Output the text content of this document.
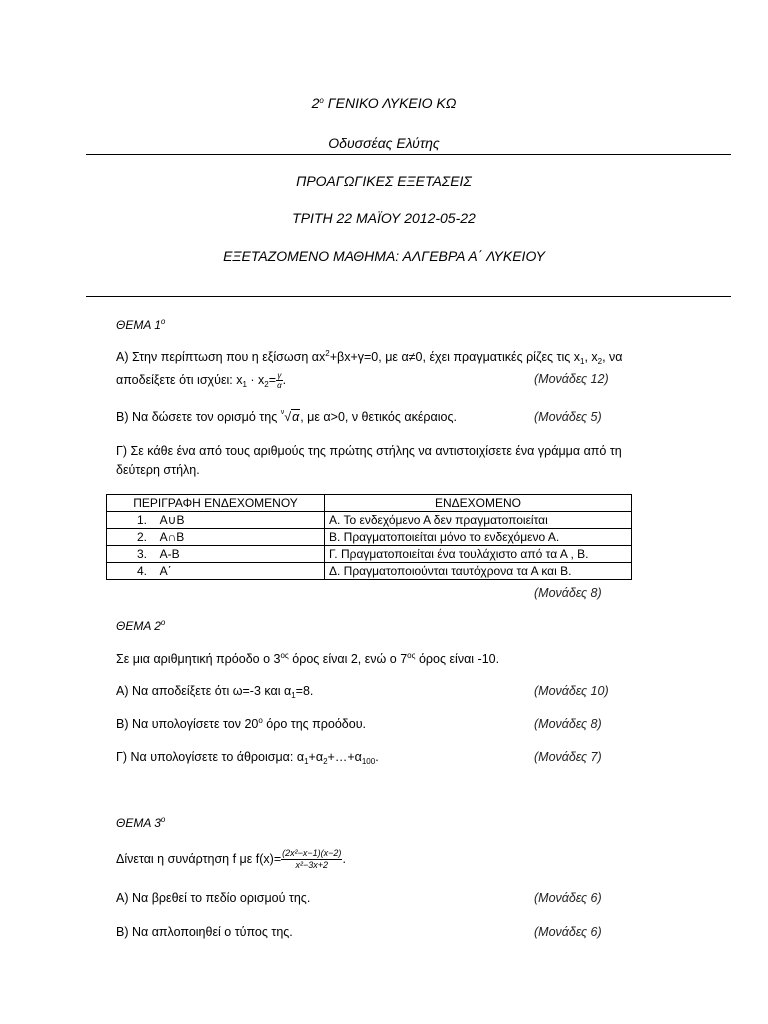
$2^o$ ΓΕΝΙΚΟ ΛΥΚΕΙΟ ΚΩ
Οδυσσέας Ελύτης
ΠΡΟΑΓΩΓΙΚΕΣ ΕΞΕΤΑΣΕΙΣ
ΤΡΙΤΗ 22 ΜΑΪΟΥ 2012-05-22
ΕΞΕΤΑΖΟΜΕΝΟ ΜΑΘΗΜΑ: ΑΛΓΕΒΡΑ Α΄ ΛΥΚΕΙΟΥ
ΘΕΜΑ $1^o$
Α) Στην περίπτωση που η εξίσωση $\alpha x^2+\beta x+\gamma=0$, με α≠0, έχει πραγματικές ρίζες τις $x_1$, $x_2$, να
αποδείξετε ότι ισχύει: $x_1 \cdot x_2= \frac{\gamma}{\alpha}$ .	(Μονάδες 12)
Β) Να δώσετε τον ορισμό της $^\nu$√α, με α>0, ν θετικός ακέραιος.	(Μονάδες 5)
Γ) Σε κάθε ένα από τους αριθμούς της πρώτης στήλης να αντιστοιχίσετε ένα γράμμα από τη
δεύτερη στήλη.
ΠΕΡΙΓΡΑΦΗ ΕΝΔΕΧΟΜΕΝΟΥ	ΕΝΔΕΧΟΜΕΝΟ
1.    Α∪Β	Α. Το ενδεχόμενο Α δεν πραγματοποιείται
2.    Α∩Β	Β. Πραγματοποιείται μόνο το ενδεχόμενο Α.
3.    Α-Β	Γ. Πραγματοποιείται ένα τουλάχιστο από τα Α , Β.
4.    Α΄	Δ. Πραγματοποιούνται ταυτόχρονα τα Α και Β.
(Μονάδες 8)
ΘΕΜΑ $2^o$
Σε μια αριθμητική πρόοδο ο $3^{o\varsigma}$ όρος είναι 2, ενώ ο $7^{o\varsigma}$ όρος είναι -10.
Α) Να αποδείξετε ότι ω=-3 και $\alpha_1=8$.	(Μονάδες 10)
Β) Να υπολογίσετε τον $20^o$ όρο της προόδου.	(Μονάδες 8)
Γ) Να υπολογίσετε το άθροισμα: $\alpha_1+\alpha_2+\dots+\alpha_{100}$.	(Μονάδες 7)
ΘΕΜΑ $3^o$
Δίνεται η συνάρτηση f με $f(x)= \frac{\text{(2x²−x−1)(x−2)}}{\text{x²−3x+2}}$ .
Α) Να βρεθεί το πεδίο ορισμού της.	(Μονάδες 6)
Β) Να απλοποιηθεί ο τύπος της.	(Μονάδες 6)
